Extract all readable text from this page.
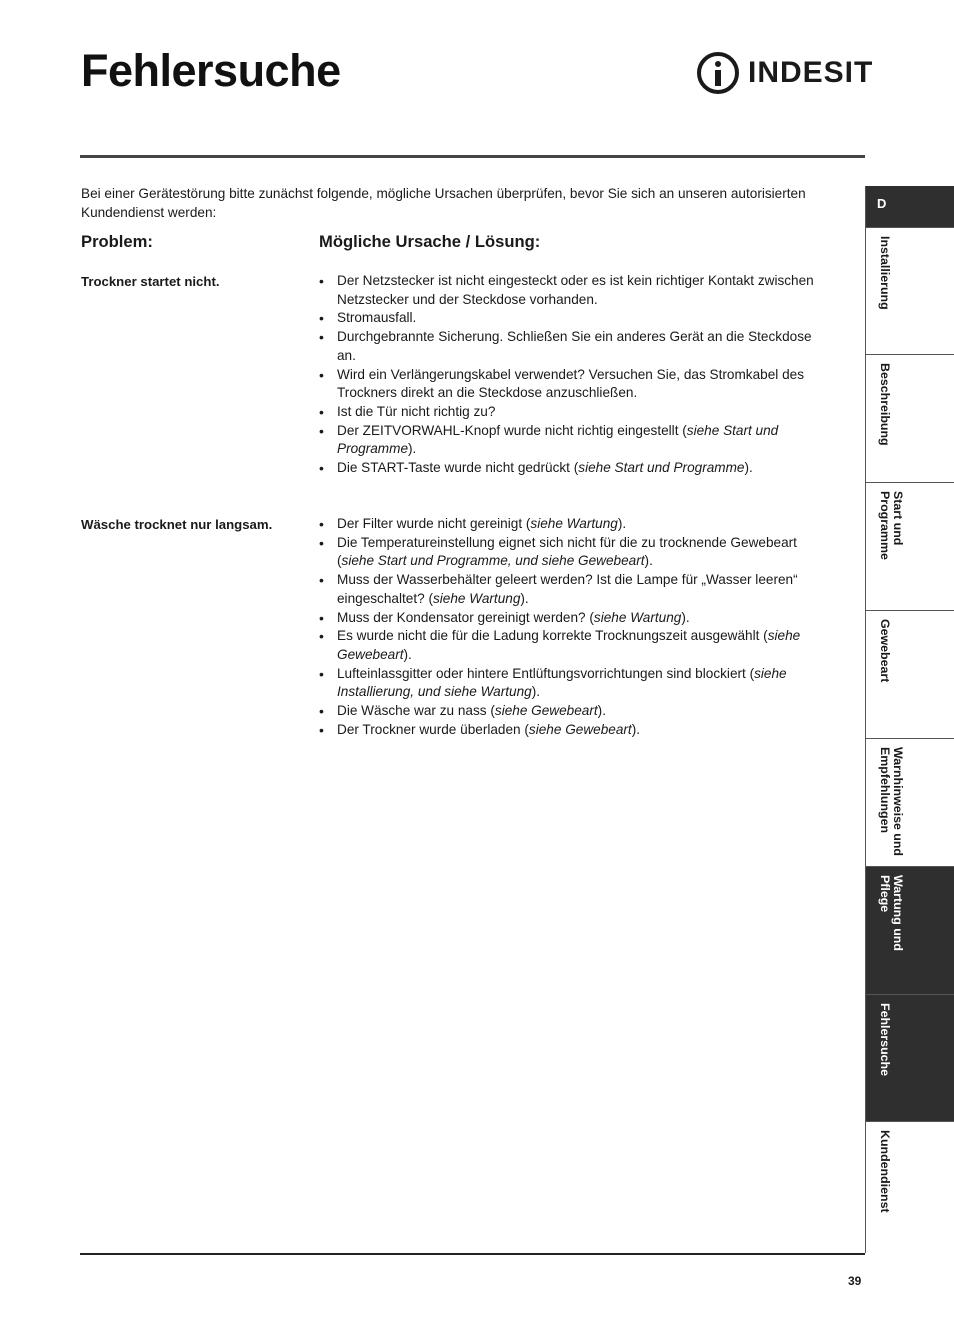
Fehlersuche	INDESIT

Bei einer Gerätestörung bitte zunächst folgende, mögliche Ursachen überprüfen, bevor Sie sich an unseren autorisierten Kundendienst werden:

Problem:	Mögliche Ursache / Lösung:
Trockner startet nicht.	• Der Netzstecker ist nicht eingesteckt oder es ist kein richtiger Kontakt zwischen Netzstecker und der Steckdose vorhanden.
• Stromausfall.
• Durchgebrannte Sicherung. Schließen Sie ein anderes Gerät an die Steckdose an.
• Wird ein Verlängerungskabel verwendet? Versuchen Sie, das Stromkabel des Trockners direkt an die Steckdose anzuschließen.
• Ist die Tür nicht richtig zu?
• Der ZEITVORWAHL-Knopf wurde nicht richtig eingestellt (siehe Start und Programme).
• Die START-Taste wurde nicht gedrückt (siehe Start und Programme).
Wäsche trocknet nur langsam.	• Der Filter wurde nicht gereinigt (siehe Wartung).
• Die Temperatureinstellung eignet sich nicht für die zu trocknende Gewebeart (siehe Start und Programme, und siehe Gewebeart).
• Muss der Wasserbehälter geleert werden? Ist die Lampe für „Wasser leeren“ eingeschaltet? (siehe Wartung).
• Muss der Kondensator gereinigt werden? (siehe Wartung).
• Es wurde nicht die für die Ladung korrekte Trocknungszeit ausgewählt (siehe Gewebeart).
• Lufteinlassgitter oder hintere Entlüftungsvorrichtungen sind blockiert (siehe Installierung, und siehe Wartung).
• Die Wäsche war zu nass (siehe Gewebeart).
• Der Trockner wurde überladen (siehe Gewebeart).
D
Installierung
Beschreibung
Start und
Programme
Gewebeart
Warnhinweise und
Empfehlungen
Wartung und
Pflege
Fehlersuche
Kundendienst
39
